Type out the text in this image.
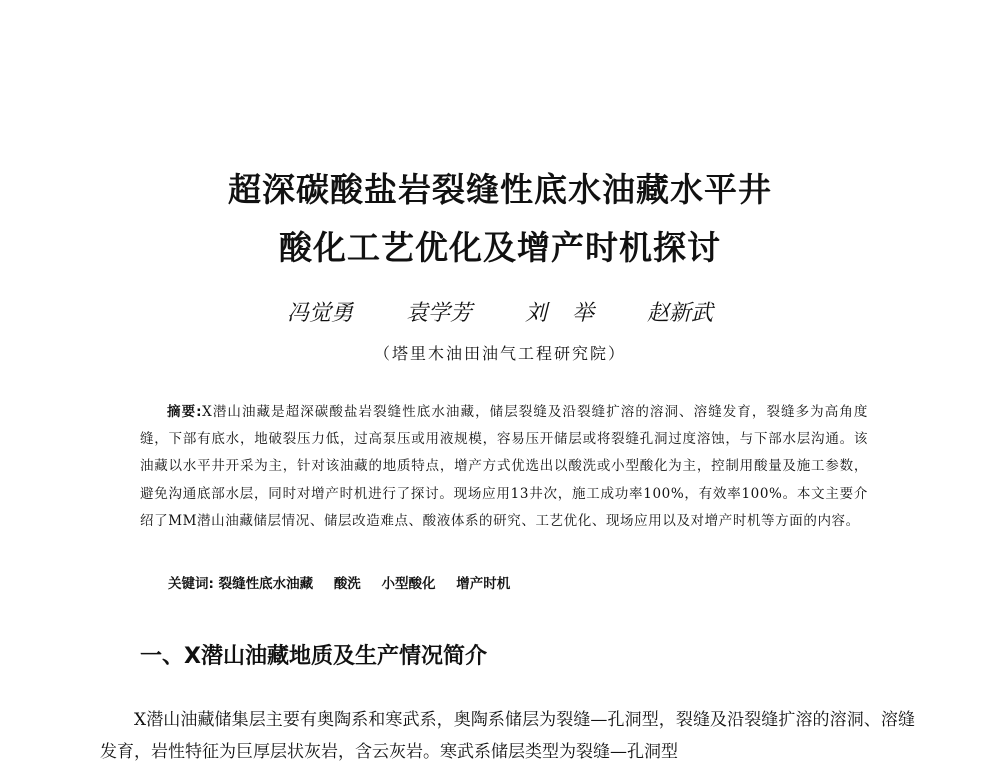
超深碳酸盐岩裂缝性底水油藏水平井
酸化工艺优化及增产时机探讨
冯觉勇 袁学芳 刘 举 赵新武
（塔里木油田油气工程研究院）

摘要:X潜山油藏是超深碳酸盐岩裂缝性底水油藏，储层裂缝及沿裂缝扩溶的溶洞、溶缝发育，裂缝多为高角度缝，下部有底水，地破裂压力低，过高泵压或用液规模，容易压开储层或将裂缝孔洞过度溶蚀，与下部水层沟通。该油藏以水平井开采为主，针对该油藏的地质特点，增产方式优选出以酸洗或小型酸化为主，控制用酸量及施工参数，避免沟通底部水层，同时对增产时机进行了探讨。现场应用13井次，施工成功率100%，有效率100%。本文主要介绍了MM潜山油藏储层情况、储层改造难点、酸液体系的研究、工艺优化、现场应用以及对增产时机等方面的内容。

关键词: 裂缝性底水油藏 酸洗 小型酸化 增产时机
一、X潜山油藏地质及生产情况简介

X潜山油藏储集层主要有奥陶系和寒武系，奥陶系储层为裂缝—孔洞型，裂缝及沿裂缝扩溶的溶洞、溶缝发育，岩性特征为巨厚层状灰岩，含云灰岩。寒武系储层类型为裂缝—孔洞型
